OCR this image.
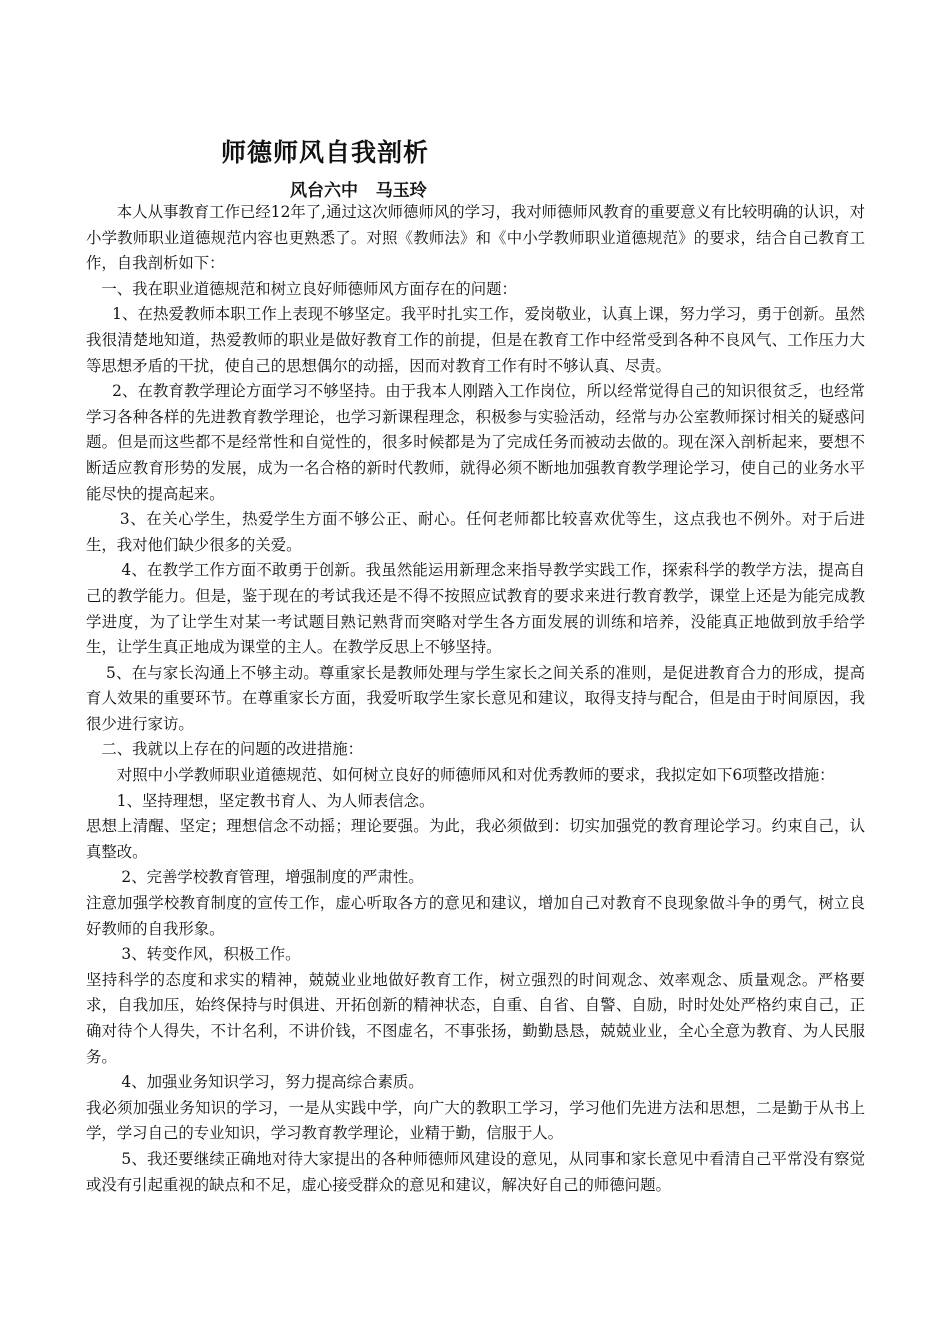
师德师风自我剖析

风台六中   马玉玲

本人从事教育工作已经12年了,通过这次师德师风的学习，我对师德师风教育的重要意义有比较明确的认识，对小学教师职业道德规范内容也更熟悉了。对照《教师法》和《中小学教师职业道德规范》的要求，结合自己教育工作，自我剖析如下：

一、我在职业道德规范和树立良好师德师风方面存在的问题：

1、在热爱教师本职工作上表现不够坚定。我平时扎实工作，爱岗敬业，认真上课，努力学习，勇于创新。虽然我很清楚地知道，热爱教师的职业是做好教育工作的前提，但是在教育工作中经常受到各种不良风气、工作压力大等思想矛盾的干扰，使自己的思想偶尔的动摇，因而对教育工作有时不够认真、尽责。

2、在教育教学理论方面学习不够坚持。由于我本人刚踏入工作岗位，所以经常觉得自己的知识很贫乏，也经常学习各种各样的先进教育教学理论，也学习新课程理念，积极参与实验活动，经常与办公室教师探讨相关的疑惑问题。但是而这些都不是经常性和自觉性的，很多时候都是为了完成任务而被动去做的。现在深入剖析起来，要想不断适应教育形势的发展，成为一名合格的新时代教师，就得必须不断地加强教育教学理论学习，使自己的业务水平能尽快的提高起来。

3、在关心学生，热爱学生方面不够公正、耐心。任何老师都比较喜欢优等生，这点我也不例外。对于后进生，我对他们缺少很多的关爱。

4、在教学工作方面不敢勇于创新。我虽然能运用新理念来指导教学实践工作，探索科学的教学方法，提高自己的教学能力。但是，鉴于现在的考试我还是不得不按照应试教育的要求来进行教育教学，课堂上还是为能完成教学进度，为了让学生对某一考试题目熟记熟背而突略对学生各方面发展的训练和培养，没能真正地做到放手给学生，让学生真正地成为课堂的主人。在教学反思上不够坚持。

5、在与家长沟通上不够主动。尊重家长是教师处理与学生家长之间关系的准则，是促进教育合力的形成，提高育人效果的重要环节。在尊重家长方面，我爱听取学生家长意见和建议，取得支持与配合，但是由于时间原因，我很少进行家访。

二、我就以上存在的问题的改进措施：

对照中小学教师职业道德规范、如何树立良好的师德师风和对优秀教师的要求，我拟定如下6项整改措施：

1、坚持理想，坚定教书育人、为人师表信念。

思想上清醒、坚定；理想信念不动摇；理论要强。为此，我必须做到：切实加强党的教育理论学习。约束自己，认真整改。

2、完善学校教育管理，增强制度的严肃性。

注意加强学校教育制度的宣传工作，虚心听取各方的意见和建议，增加自己对教育不良现象做斗争的勇气，树立良好教师的自我形象。

3、转变作风，积极工作。

坚持科学的态度和求实的精神，兢兢业业地做好教育工作，树立强烈的时间观念、效率观念、质量观念。严格要求，自我加压，始终保持与时俱进、开拓创新的精神状态，自重、自省、自警、自励，时时处处严格约束自己，正确对待个人得失，不计名利，不讲价钱，不图虚名，不事张扬，勤勤恳恳，兢兢业业，全心全意为教育、为人民服务。

4、加强业务知识学习，努力提高综合素质。

我必须加强业务知识的学习，一是从实践中学，向广大的教职工学习，学习他们先进方法和思想，二是勤于从书上学，学习自己的专业知识，学习教育教学理论，业精于勤，信服于人。

5、我还要继续正确地对待大家提出的各种师德师风建设的意见，从同事和家长意见中看清自己平常没有察觉或没有引起重视的缺点和不足，虚心接受群众的意见和建议，解决好自己的师德问题。
